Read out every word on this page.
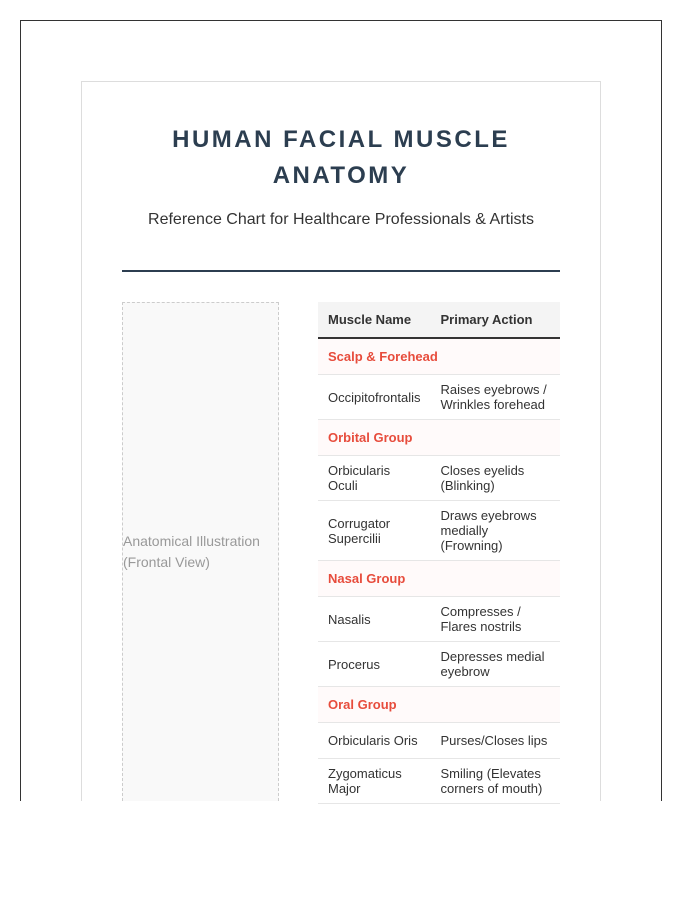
HUMAN FACIAL MUSCLE
ANATOMY
Reference Chart for Healthcare Professionals & Artists
Anatomical Illustration
(Frontal View)
Muscle Name	Primary Action
Scalp & Forehead	
Occipitofrontalis	Raises eyebrows / Wrinkles forehead
Orbital Group	
Orbicularis Oculi	Closes eyelids (Blinking)
Corrugator Supercilii	Draws eyebrows medially (Frowning)
Nasal Group	
Nasalis	Compresses / Flares nostrils
Procerus	Depresses medial eyebrow
Oral Group	
Orbicularis Oris	Purses/Closes lips
Zygomaticus Major	Smiling (Elevates corners of mouth)
